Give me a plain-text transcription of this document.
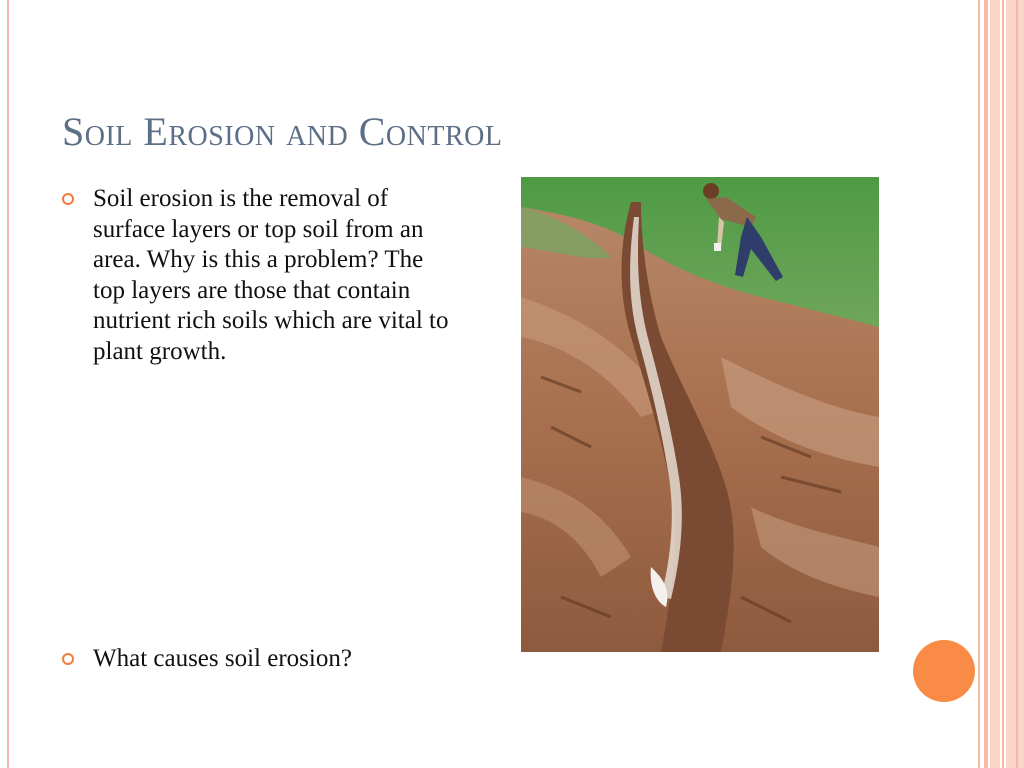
Soil Erosion and Control
Soil erosion is the removal of surface layers or top soil from an area. Why is this a problem? The top layers are those that contain nutrient rich soils which are vital to plant growth.
What causes soil erosion?
